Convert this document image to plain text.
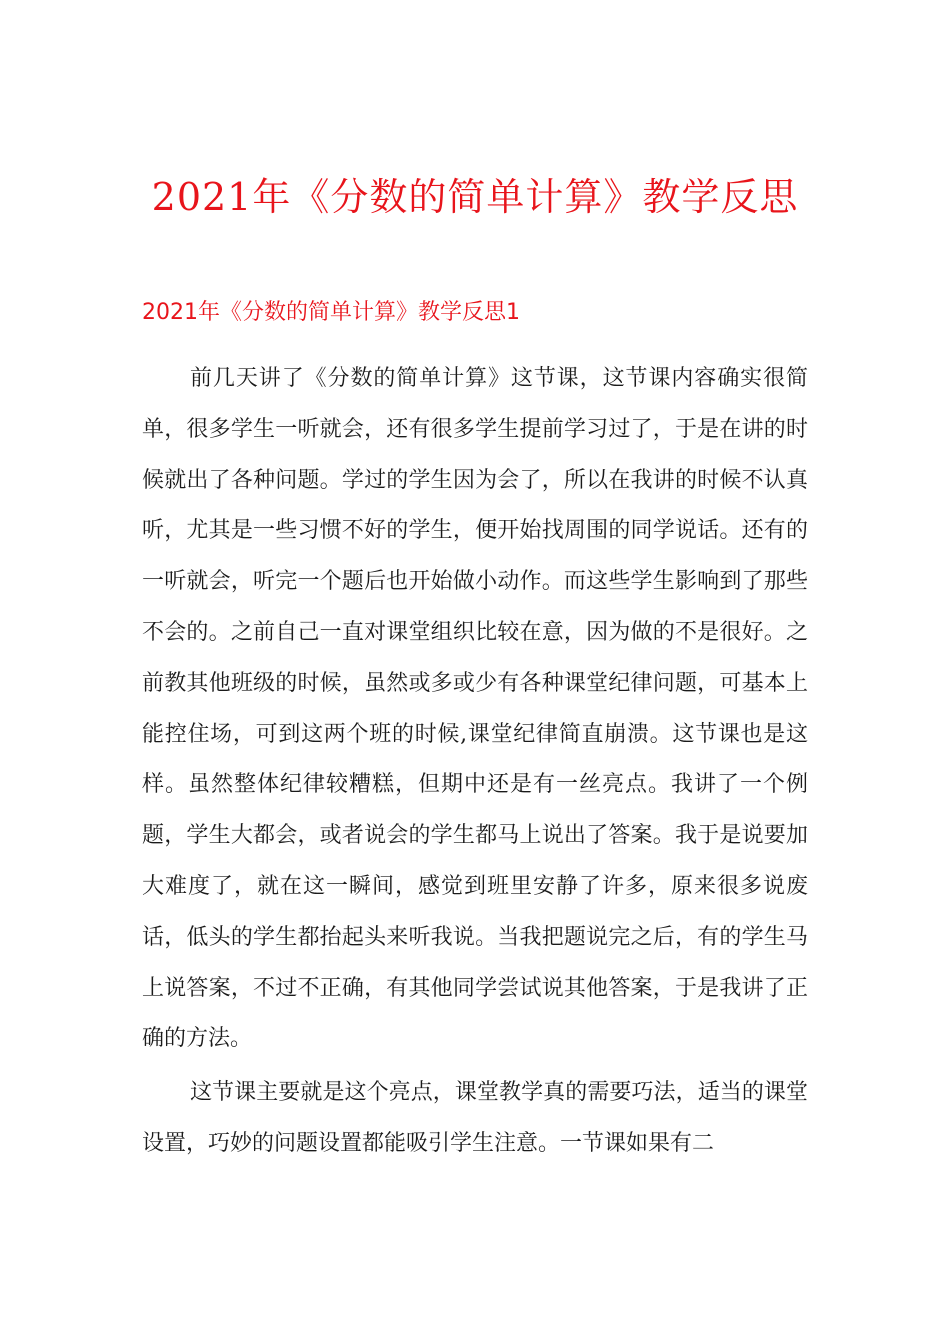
2021年《分数的简单计算》教学反思
2021年《分数的简单计算》教学反思1

前几天讲了《分数的简单计算》这节课，这节课内容确实很简单，很多学生一听就会，还有很多学生提前学习过了，于是在讲的时候就出了各种问题。学过的学生因为会了，所以在我讲的时候不认真听，尤其是一些习惯不好的学生，便开始找周围的同学说话。还有的一听就会，听完一个题后也开始做小动作。而这些学生影响到了那些不会的。之前自己一直对课堂组织比较在意，因为做的不是很好。之前教其他班级的时候，虽然或多或少有各种课堂纪律问题，可基本上能控住场，可到这两个班的时候,课堂纪律简直崩溃。这节课也是这样。虽然整体纪律较糟糕，但期中还是有一丝亮点。我讲了一个例题，学生大都会，或者说会的学生都马上说出了答案。我于是说要加大难度了，就在这一瞬间，感觉到班里安静了许多，原来很多说废话，低头的学生都抬起头来听我说。当我把题说完之后，有的学生马上说答案，不过不正确，有其他同学尝试说其他答案，于是我讲了正确的方法。

这节课主要就是这个亮点，课堂教学真的需要巧法，适当的课堂设置，巧妙的问题设置都能吸引学生注意。一节课如果有二
